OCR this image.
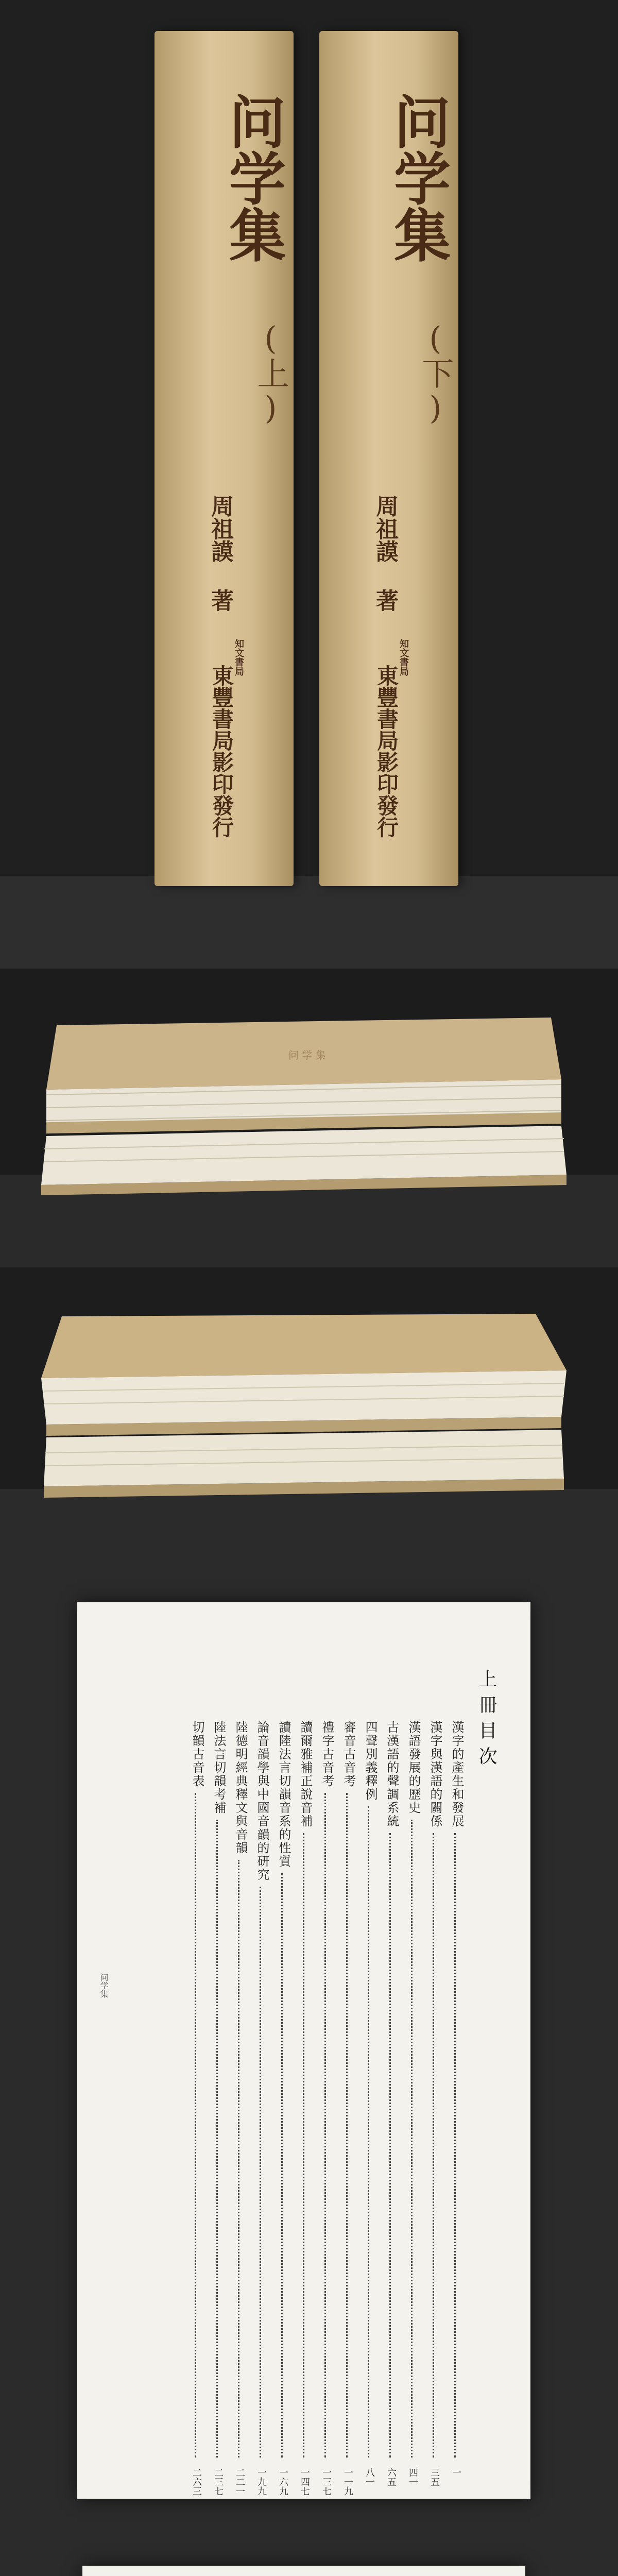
问学集
(上)
周祖謨 著
知文書局
東豐書局影印發行
问学集
(下)
周祖謨 著
知文書局
東豐書局影印發行
问 学 集
上冊目次
漢字的產生和發展
一
漢字與漢語的關係
三五
漢語發展的歷史
四一
古漢語的聲調系統
六五
四聲別義釋例
八一
審音古音考
一一九
禮字古音考
一三七
讀爾雅補正說音補
一四七
讀陸法言切韻音系的性質
一六九
論音韻學與中國音韻的研究
一九九
陸德明經典釋文與音韻
二二一
陸法言切韻考補
二三七
切韻古音表
二六三
问学集
